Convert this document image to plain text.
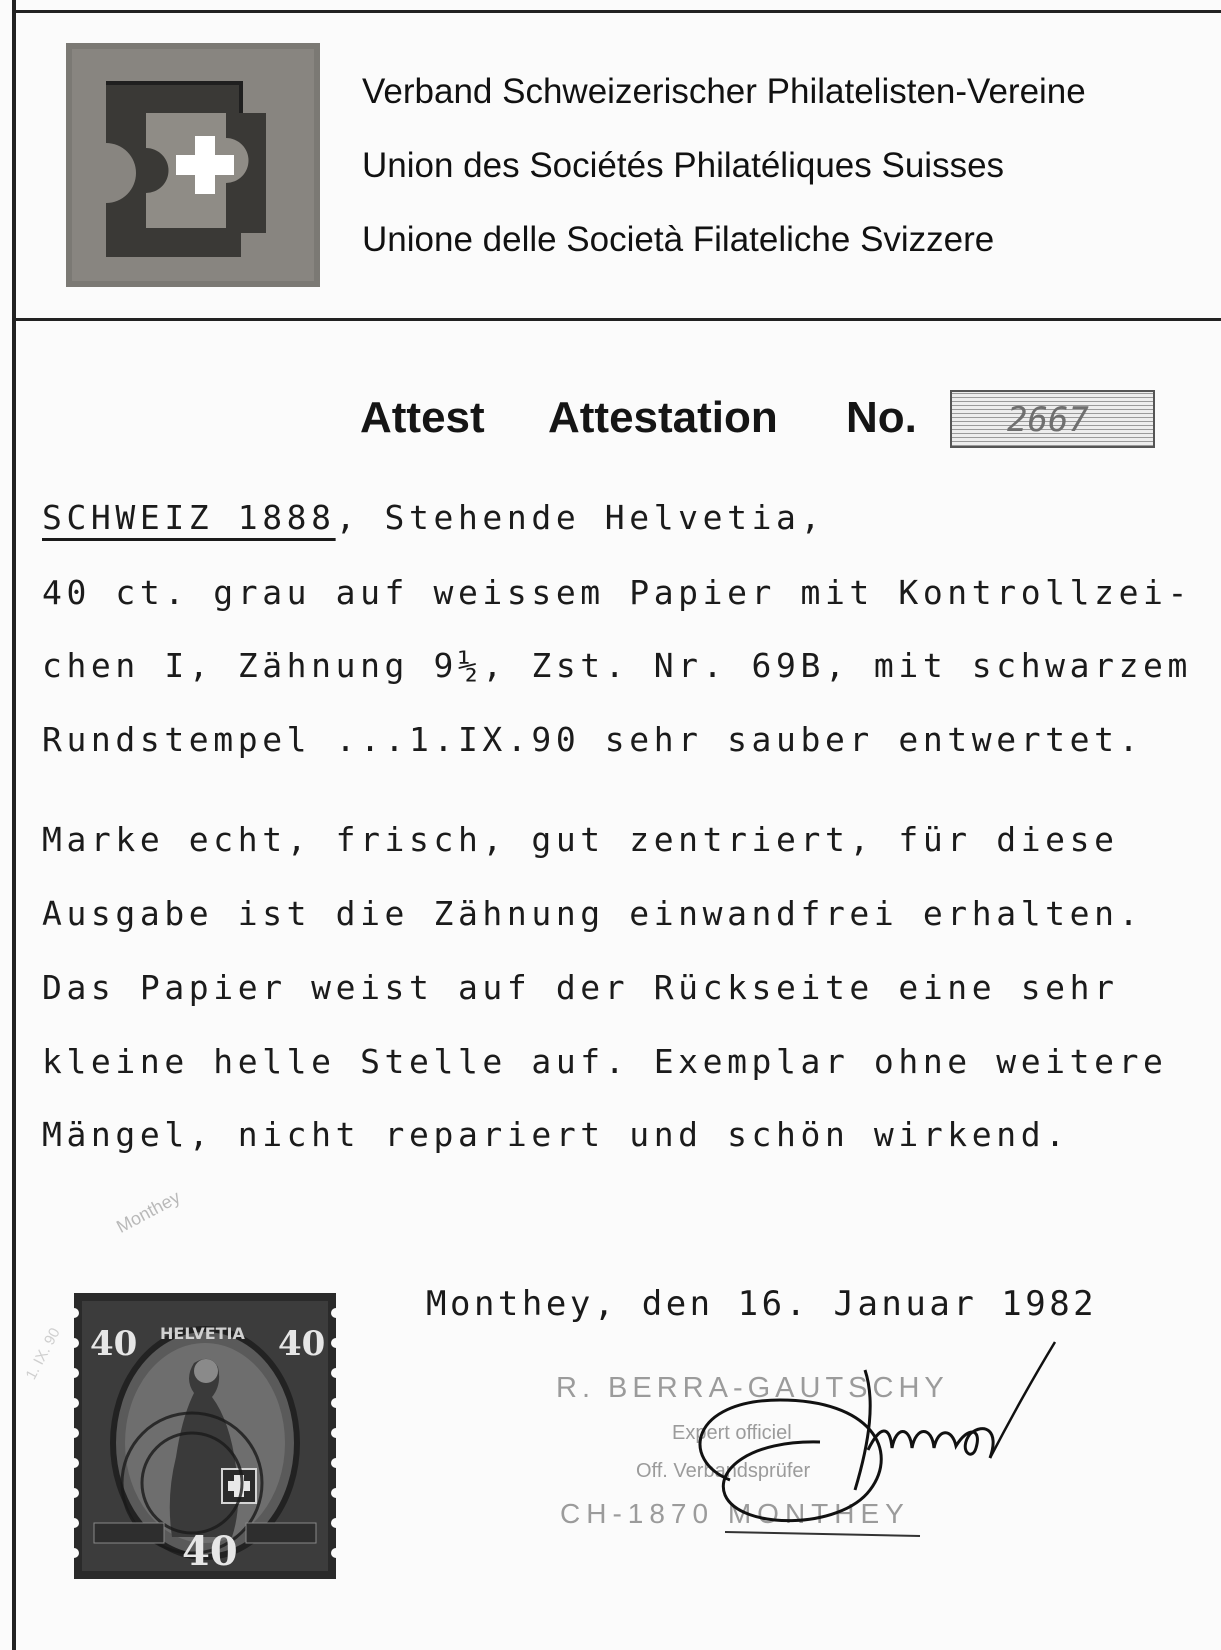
Verband Schweizerischer Philatelisten-Vereine
Union des Sociétés Philatéliques Suisses
Unione delle Società Filateliche Svizzere
Attest Attestation No.	2667
SCHWEIZ 1888, Stehende Helvetia,
40 ct. grau auf weissem Papier mit Kontrollzei-
chen I, Zähnung 9½, Zst. Nr. 69B, mit schwarzem
Rundstempel ...1.IX.90 sehr sauber entwertet.
Marke echt, frisch, gut zentriert, für diese
Ausgabe ist die Zähnung einwandfrei erhalten.
Das Papier weist auf der Rückseite eine sehr
kleine helle Stelle auf. Exemplar ohne weitere
Mängel, nicht repariert und schön wirkend.
Monthey
1. IX. 90 40	40
40
HELVETIA
Monthey, den 16. Januar 1982
R. BERRA-GAUTSCHY
Expert officiel
Off. Verbandsprüfer
CH-1870 MONTHEY
